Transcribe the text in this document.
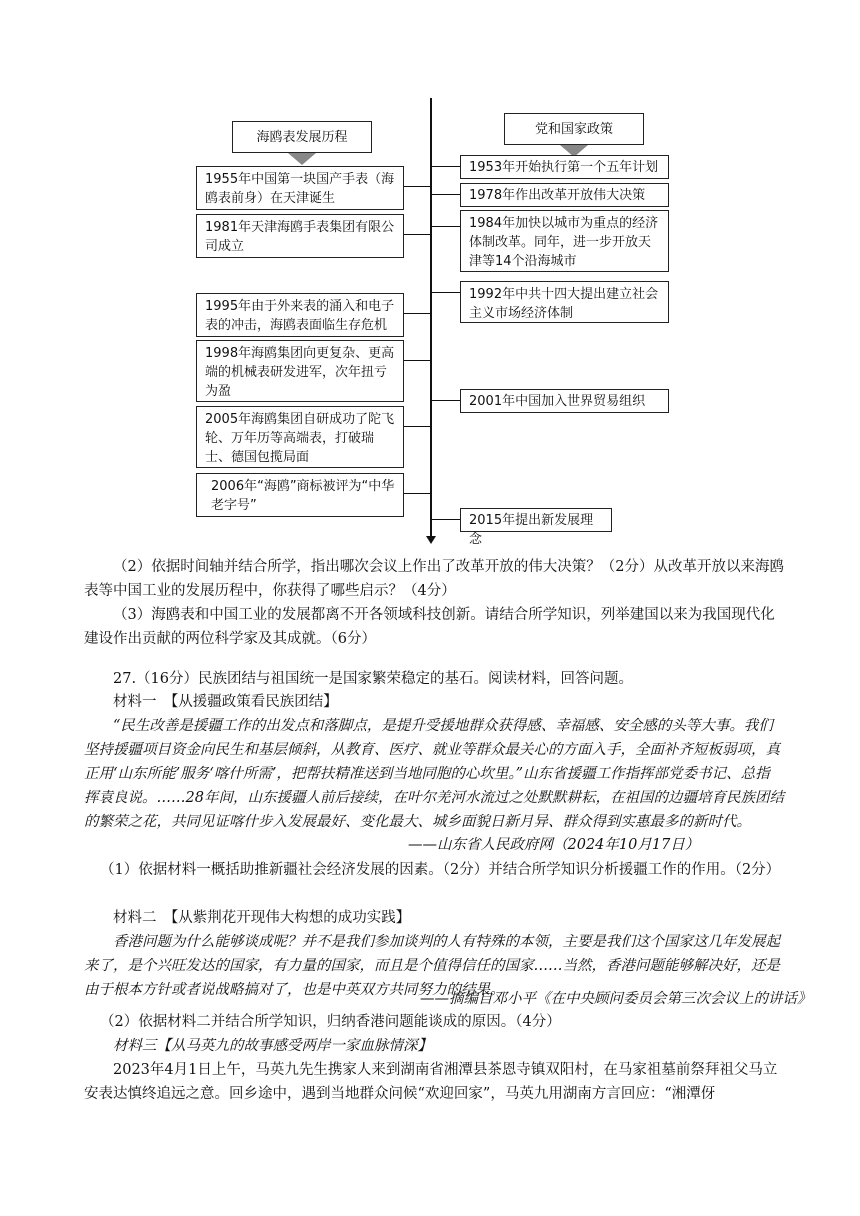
海鸥表发展历程
党和国家政策
1955年中国第一块国产手表（海鸥表前身）在天津诞生
1981年天津海鸥手表集团有限公司成立
1995年由于外来表的涌入和电子表的冲击，海鸥表面临生存危机
1998年海鸥集团向更复杂、更高端的机械表研发进军，次年扭亏为盈
2005年海鸥集团自研成功了陀飞轮、万年历等高端表，打破瑞士、德国包揽局面
2006年“海鸥”商标被评为“中华老字号”
1953年开始执行第一个五年计划
1978年作出改革开放伟大决策
1984年加快以城市为重点的经济体制改革。同年，进一步开放天津等14个沿海城市
1992年中共十四大提出建立社会主义市场经济体制
2001年中国加入世界贸易组织
2015年提出新发展理念
（2）依据时间轴并结合所学，指出哪次会议上作出了改革开放的伟大决策？（2分）从改革开放以来海鸥表等中国工业的发展历程中，你获得了哪些启示？（4分）
（3）海鸥表和中国工业的发展都离不开各领域科技创新。请结合所学知识，列举建国以来为我国现代化建设作出贡献的两位科学家及其成就。（6分）
27.（16分）民族团结与祖国统一是国家繁荣稳定的基石。阅读材料，回答问题。
材料一　【从援疆政策看民族团结】
“民生改善是援疆工作的出发点和落脚点，是提升受援地群众获得感、幸福感、安全感的头等大事。我们坚持援疆项目资金向民生和基层倾斜，从教育、医疗、就业等群众最关心的方面入手，全面补齐短板弱项，真正用‘山东所能’服务‘喀什所需’，把帮扶精准送到当地同胞的心坎里。”山东省援疆工作指挥部党委书记、总指挥袁良说。……28年间，山东援疆人前后接续，在叶尔羌河水流过之处默默耕耘，在祖国的边疆培育民族团结的繁荣之花，共同见证喀什步入发展最好、变化最大、城乡面貌日新月异、群众得到实惠最多的新时代。
——山东省人民政府网（2024年10月17日）
（1）依据材料一概括助推新疆社会经济发展的因素。（2分）并结合所学知识分析援疆工作的作用。（2分）
材料二　【从紫荆花开现伟大构想的成功实践】
香港问题为什么能够谈成呢？并不是我们参加谈判的人有特殊的本领，主要是我们这个国家这几年发展起来了，是个兴旺发达的国家，有力量的国家，而且是个值得信任的国家……当然，香港问题能够解决好，还是由于根本方针或者说战略搞对了，也是中英双方共同努力的结果。
——摘编自邓小平《在中央顾问委员会第三次会议上的讲话》
（2）依据材料二并结合所学知识，归纳香港问题能谈成的原因。（4分）
材料三【从马英九的故事感受两岸一家血脉情深】
2023年4月1日上午，马英九先生携家人来到湖南省湘潭县茶恩寺镇双阳村，在马家祖墓前祭拜祖父马立安表达慎终追远之意。回乡途中，遇到当地群众问候“欢迎回家”，马英九用湖南方言回应：“湘潭伢
